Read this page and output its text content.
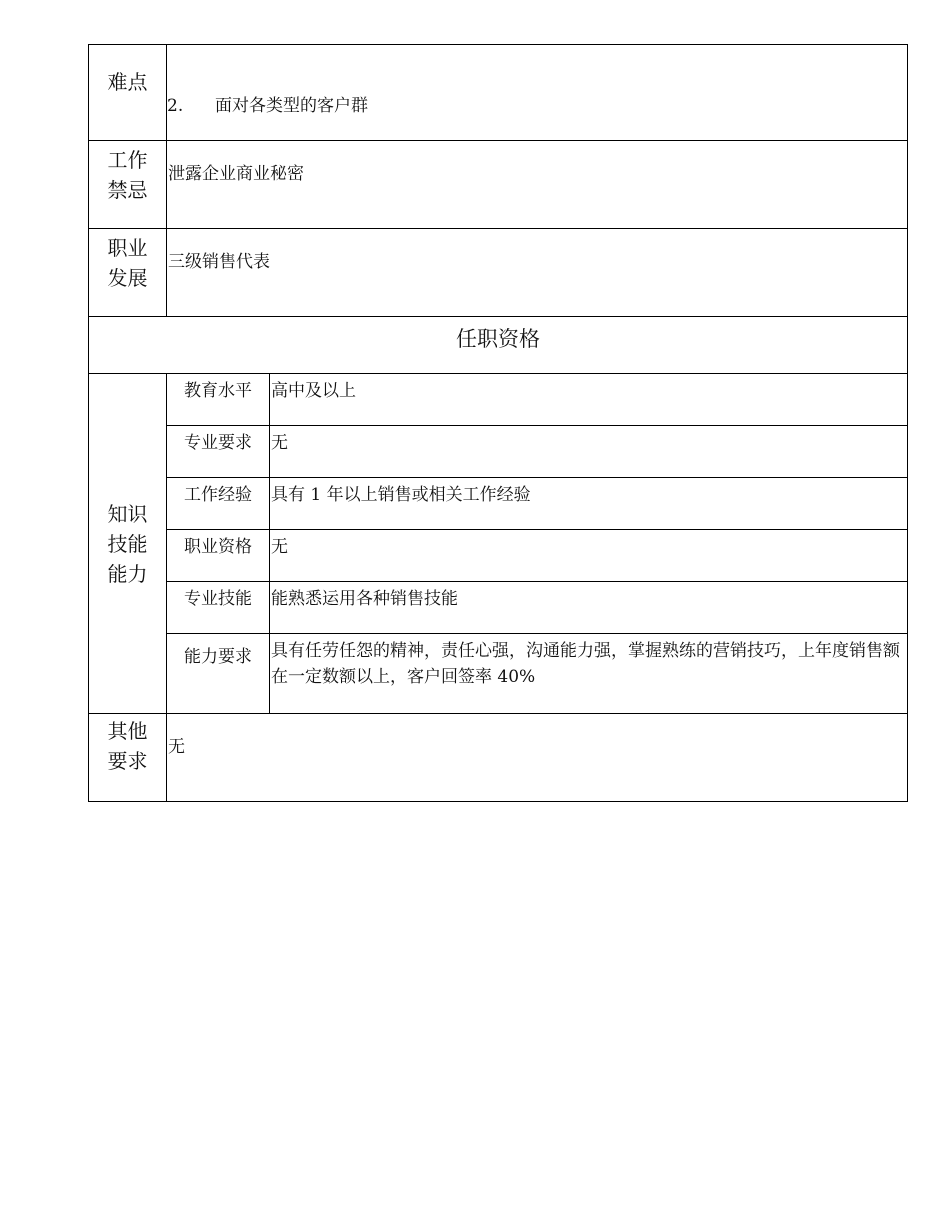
难点	2. 面对各类型的客户群	

工作
禁忌	泄露企业商业秘密	

职业
发展	三级销售代表	
任职资格		

知识
技能
能力	教育水平	高中及以上
	专业要求	无
	工作经验	具有 1 年以上销售或相关工作经验
	职业资格	无
	专业技能	能熟悉运用各种销售技能
	能力要求	具有任劳任怨的精神，责任心强，沟通能力强，掌握熟练的营销技巧，上年度销售额在一定数额以上，客户回签率 40%

其他
要求	无	
